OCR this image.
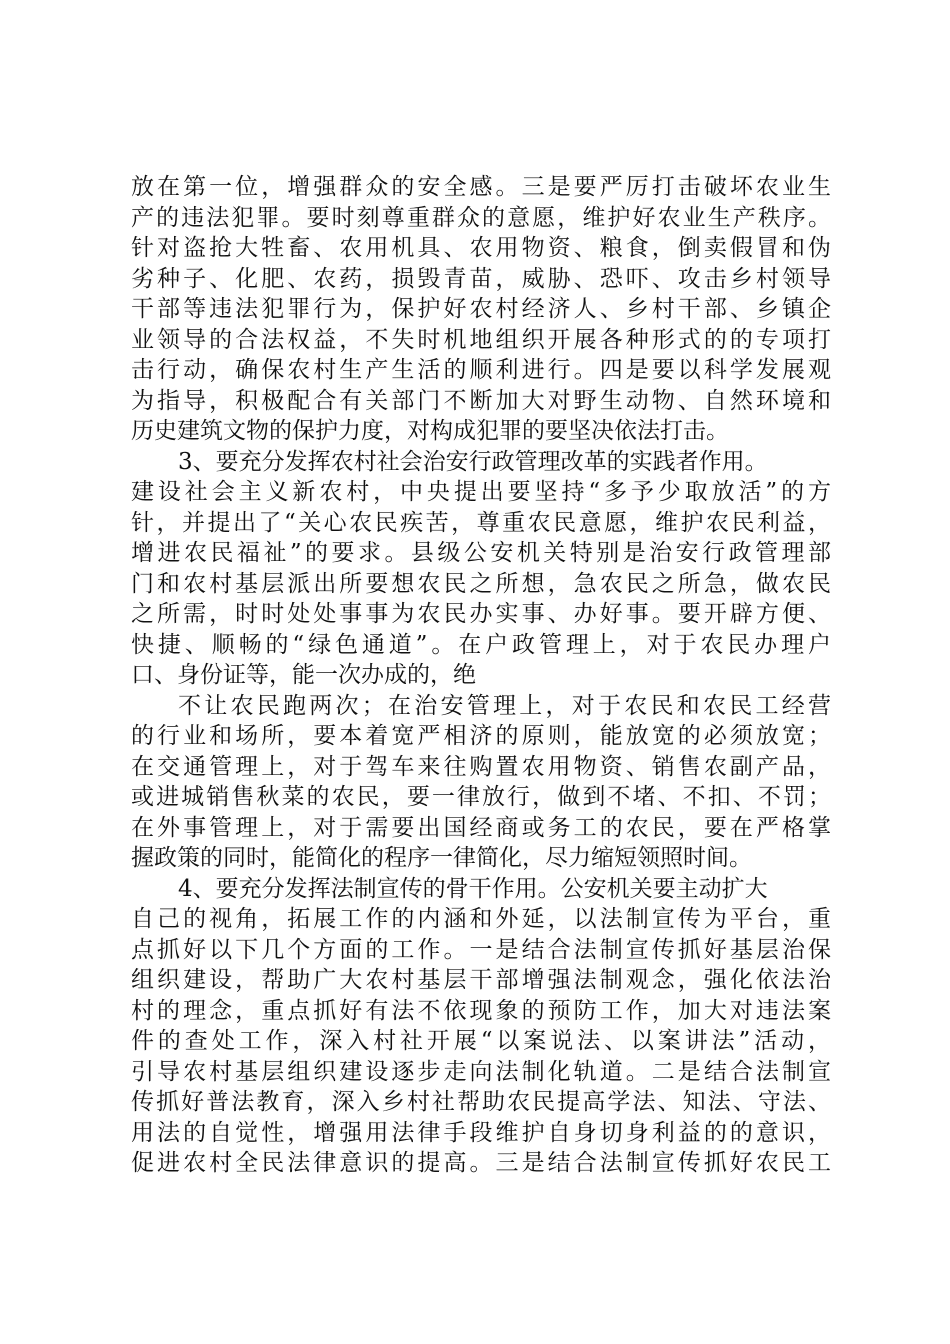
放在第一位，增强群众的安全感。三是要严厉打击破坏农业生
产的违法犯罪。要时刻尊重群众的意愿，维护好农业生产秩序。
针对盗抢大牲畜、农用机具、农用物资、粮食，倒卖假冒和伪
劣种子、化肥、农药，损毁青苗，威胁、恐吓、攻击乡村领导
干部等违法犯罪行为，保护好农村经济人、乡村干部、乡镇企
业领导的合法权益，不失时机地组织开展各种形式的的专项打
击行动，确保农村生产生活的顺利进行。四是要以科学发展观
为指导，积极配合有关部门不断加大对野生动物、自然环境和
历史建筑文物的保护力度，对构成犯罪的要坚决依法打击。
3、要充分发挥农村社会治安行政管理改革的实践者作用。
建设社会主义新农村，中央提出要坚持“多予少取放活”的方
针，并提出了“关心农民疾苦，尊重农民意愿，维护农民利益，
增进农民福祉”的要求。县级公安机关特别是治安行政管理部
门和农村基层派出所要想农民之所想，急农民之所急，做农民
之所需，时时处处事事为农民办实事、办好事。要开辟方便、
快捷、顺畅的“绿色通道”。在户政管理上，对于农民办理户
口、身份证等，能一次办成的，绝
不让农民跑两次；在治安管理上，对于农民和农民工经营
的行业和场所，要本着宽严相济的原则，能放宽的必须放宽；
在交通管理上，对于驾车来往购置农用物资、销售农副产品，
或进城销售秋菜的农民，要一律放行，做到不堵、不扣、不罚；
在外事管理上，对于需要出国经商或务工的农民，要在严格掌
握政策的同时，能简化的程序一律简化，尽力缩短领照时间。
4、要充分发挥法制宣传的骨干作用。公安机关要主动扩大
自己的视角，拓展工作的内涵和外延，以法制宣传为平台，重
点抓好以下几个方面的工作。一是结合法制宣传抓好基层治保
组织建设，帮助广大农村基层干部增强法制观念，强化依法治
村的理念，重点抓好有法不依现象的预防工作，加大对违法案
件的查处工作，深入村社开展“以案说法、以案讲法”活动，
引导农村基层组织建设逐步走向法制化轨道。二是结合法制宣
传抓好普法教育，深入乡村社帮助农民提高学法、知法、守法、
用法的自觉性，增强用法律手段维护自身切身利益的的意识，
促进农村全民法律意识的提高。三是结合法制宣传抓好农民工
